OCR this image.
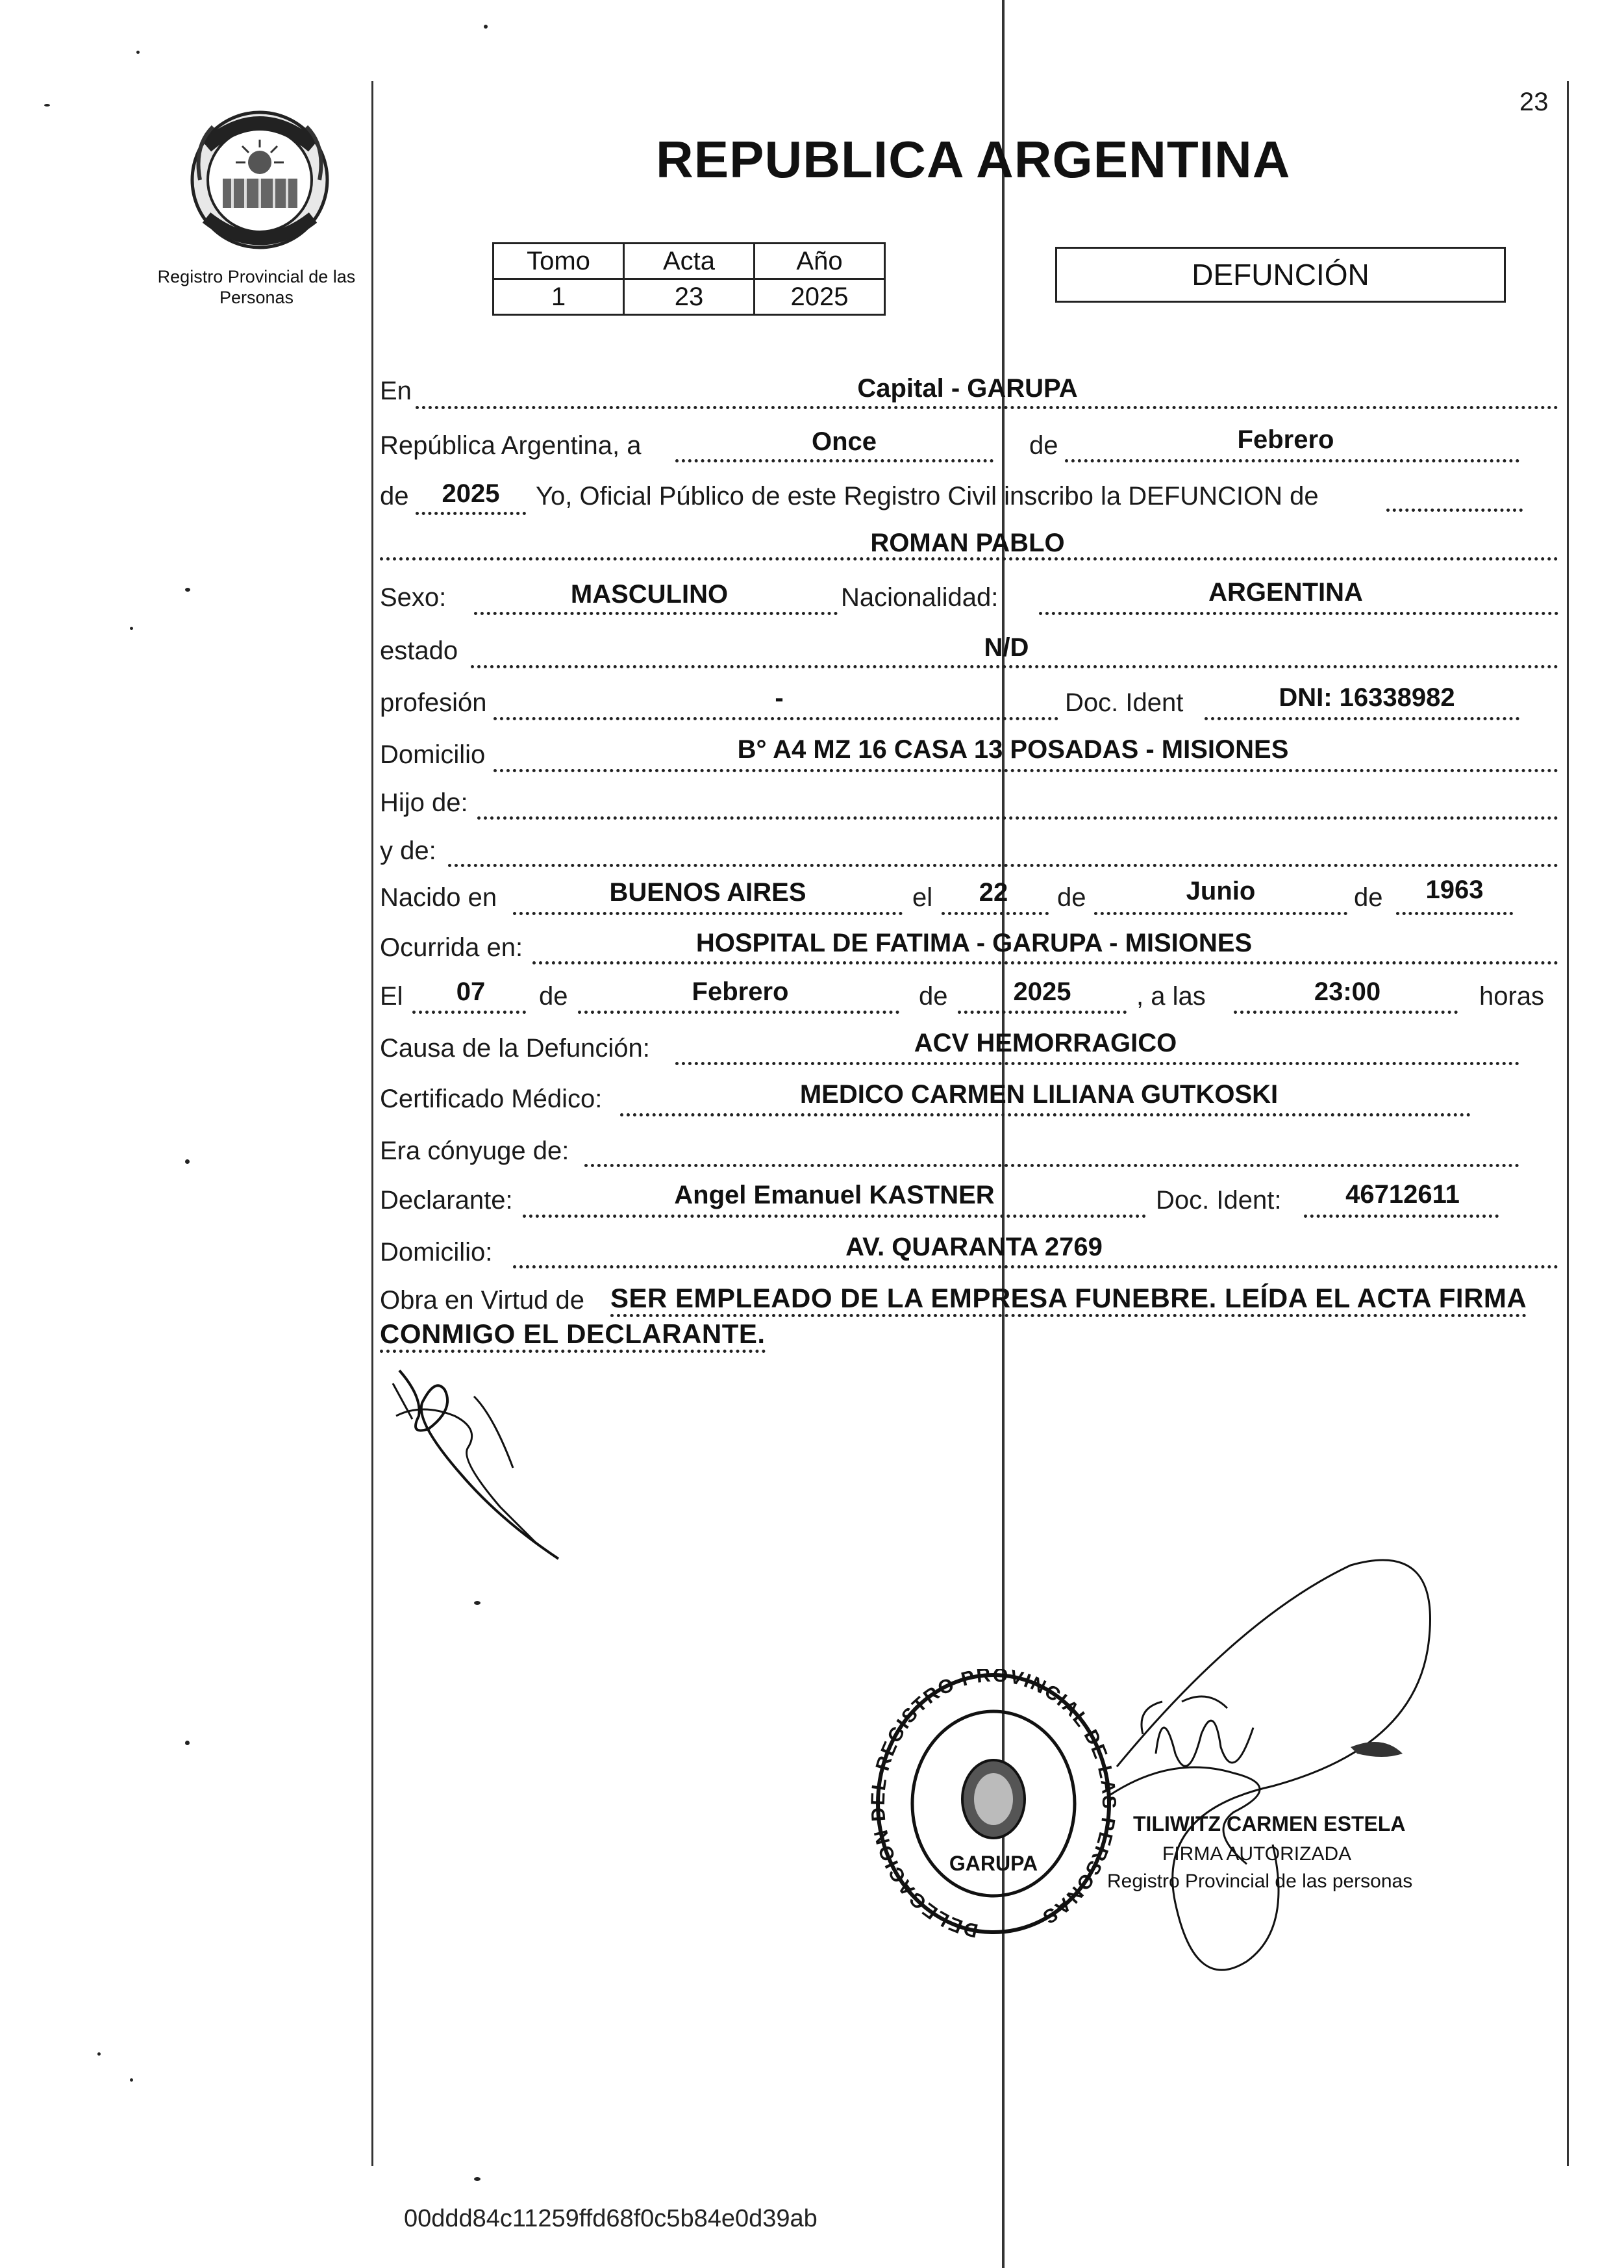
23
Registro Provincial de las Personas
REPUBLICA ARGENTINA
Tomo	Acta	Año
1	23	2025
DEFUNCIÓN
En	Capital - GARUPA
República Argentina, a	Once	de	Febrero
de	2025	Yo, Oficial Público de este Registro Civil inscribo la DEFUNCION de
ROMAN PABLO
Sexo:	MASCULINO	Nacionalidad:	ARGENTINA
estado	N/D
profesión	-	Doc. Ident	DNI: 16338982
Domicilio	B° A4 MZ 16 CASA 13 POSADAS - MISIONES
Hijo de:
y de:
Nacido en	BUENOS AIRES	el	22	de	Junio	de	1963
Ocurrida en:	HOSPITAL DE FATIMA - GARUPA - MISIONES
El	07	de	Febrero	de	2025	, a las	23:00	horas
Causa de la Defunción:	ACV HEMORRAGICO
Certificado Médico:	MEDICO CARMEN LILIANA GUTKOSKI
Era cónyuge de:
Declarante:	Angel Emanuel KASTNER	Doc. Ident:	46712611
Domicilio:	AV. QUARANTA 2769
Obra en Virtud de SER EMPLEADO DE LA EMPRESA FUNEBRE. LEÍDA EL ACTA FIRMA
CONMIGO EL DECLARANTE.
DELEGACION L REGISTRO PROVINCIAL DE L PERSONAS
GARUPA
TILIWITZ CARMEN ESTELA
FIRMA AUTORIZADA
Registro Provincial de las personas
00ddd84c11259ffd68f0c5b84e0d39ab
